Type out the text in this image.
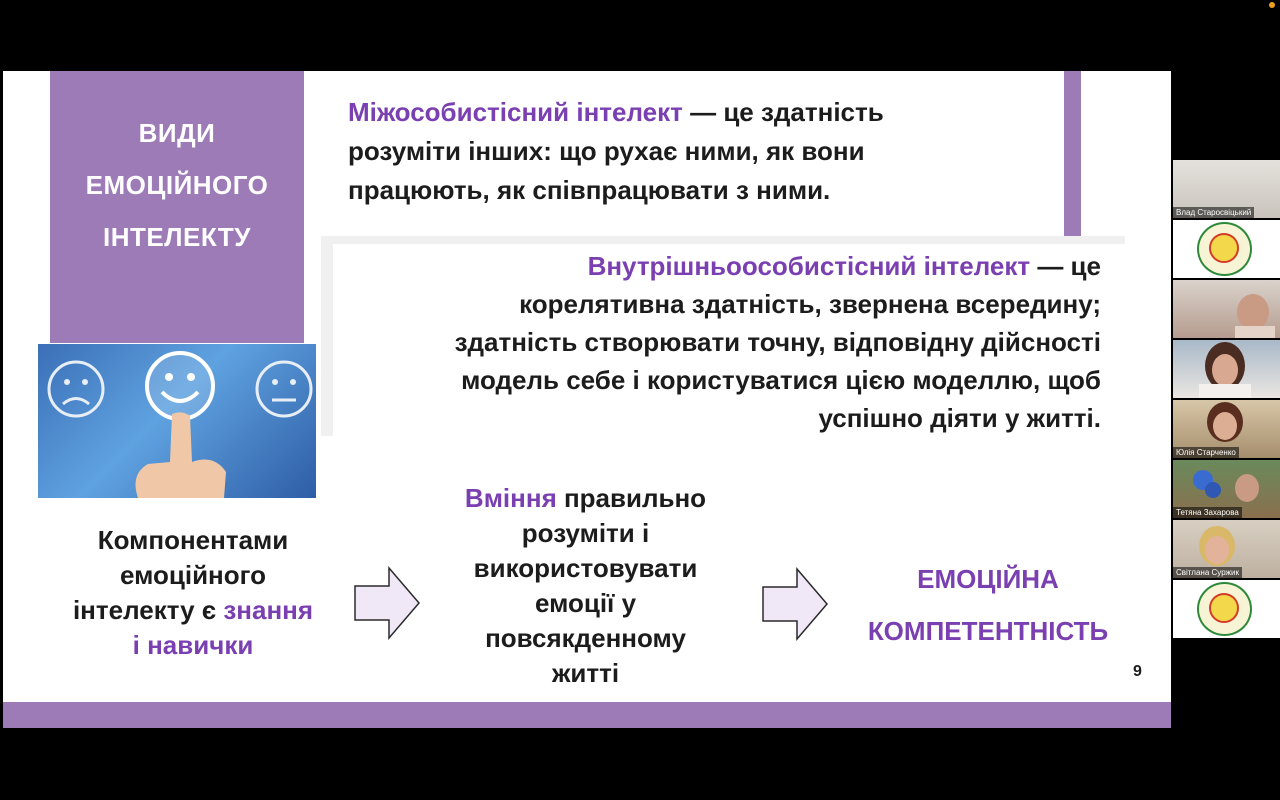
ВИДИ
ЕМОЦІЙНОГО
ІНТЕЛЕКТУ
Міжособистісний інтелект — це здатність
розуміти інших: що рухає ними, як вони
працюють, як співпрацювати з ними.
Внутрішньоособистісний інтелект — це
корелятивна здатність, звернена всередину;
здатність створювати точну, відповідну дійсності
модель себе і користуватися цією моделлю, щоб
успішно діяти у житті.
Компонентами
емоційного
інтелекту є знання
і навички
Вміння правильно
розуміти і
використовувати
емоції у
повсякденному
житті
ЕМОЦІЙНА
КОМПЕТЕНТНІСТЬ
9
Влад Старосвіцький
Юлія Старченко
Тетяна Захарова
Світлана Суржик
